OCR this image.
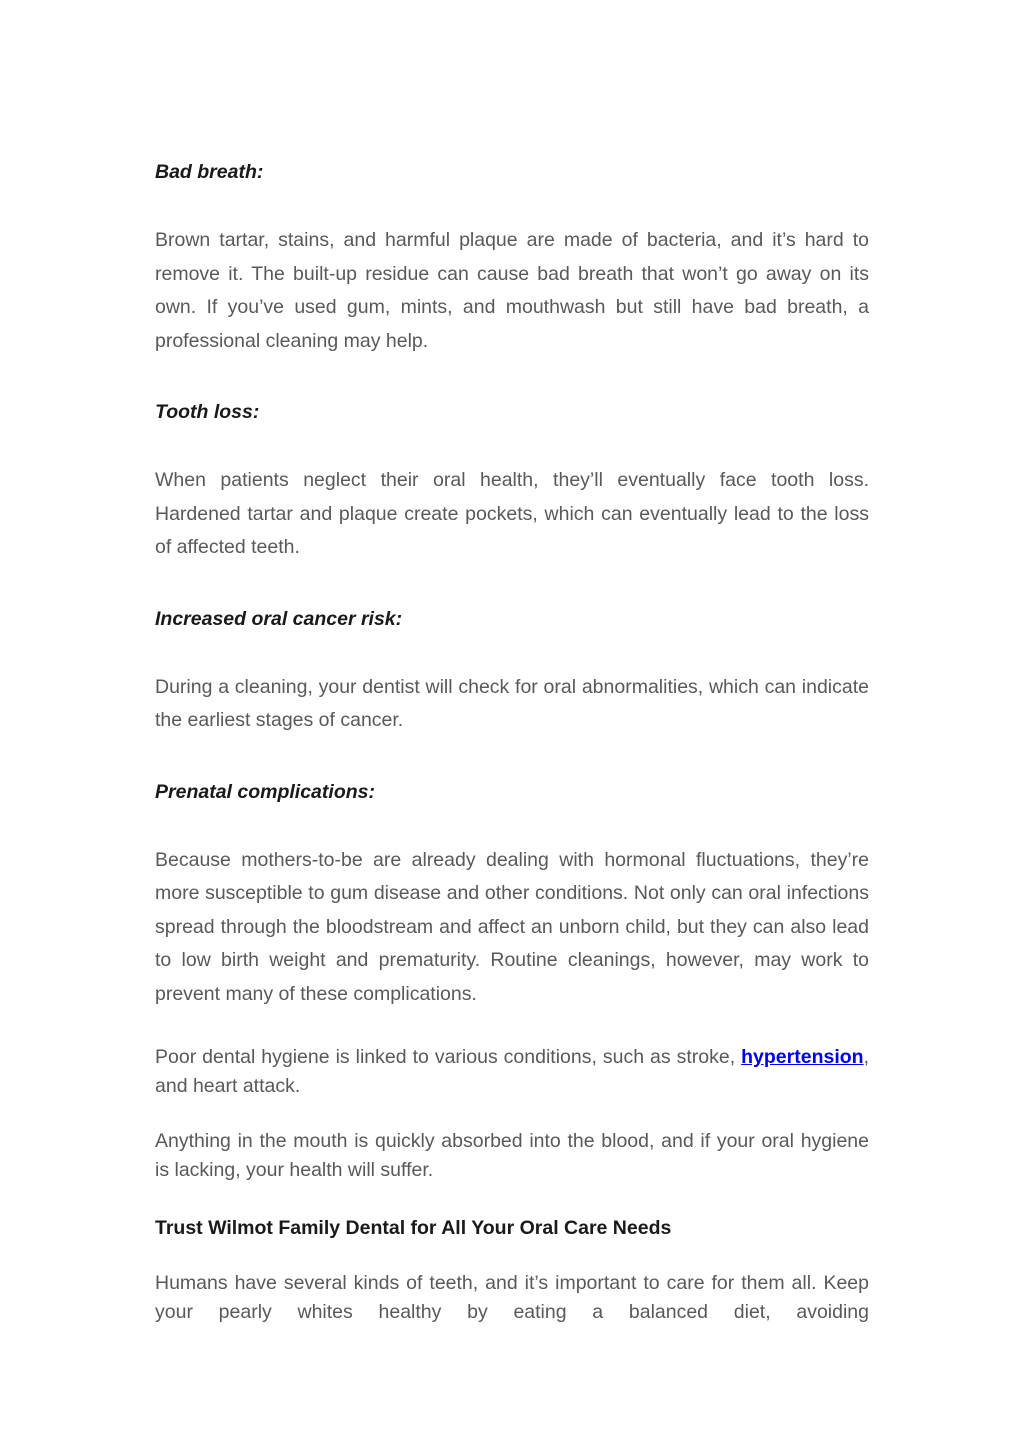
Bad breath:

Brown tartar, stains, and harmful plaque are made of bacteria, and it’s hard to remove it. The built-up residue can cause bad breath that won’t go away on its own. If you’ve used gum, mints, and mouthwash but still have bad breath, a professional cleaning may help.

Tooth loss:

When patients neglect their oral health, they’ll eventually face tooth loss. Hardened tartar and plaque create pockets, which can eventually lead to the loss of affected teeth.

Increased oral cancer risk:

During a cleaning, your dentist will check for oral abnormalities, which can indicate the earliest stages of cancer.

Prenatal complications:

Because mothers-to-be are already dealing with hormonal fluctuations, they’re more susceptible to gum disease and other conditions. Not only can oral infections spread through the bloodstream and affect an unborn child, but they can also lead to low birth weight and prematurity. Routine cleanings, however, may work to prevent many of these complications.

Poor dental hygiene is linked to various conditions, such as stroke, hypertension, and heart attack.

Anything in the mouth is quickly absorbed into the blood, and if your oral hygiene is lacking, your health will suffer.

Trust Wilmot Family Dental for All Your Oral Care Needs

Humans have several kinds of teeth, and it’s important to care for them all. Keep your pearly whites healthy by eating a balanced diet, avoiding
